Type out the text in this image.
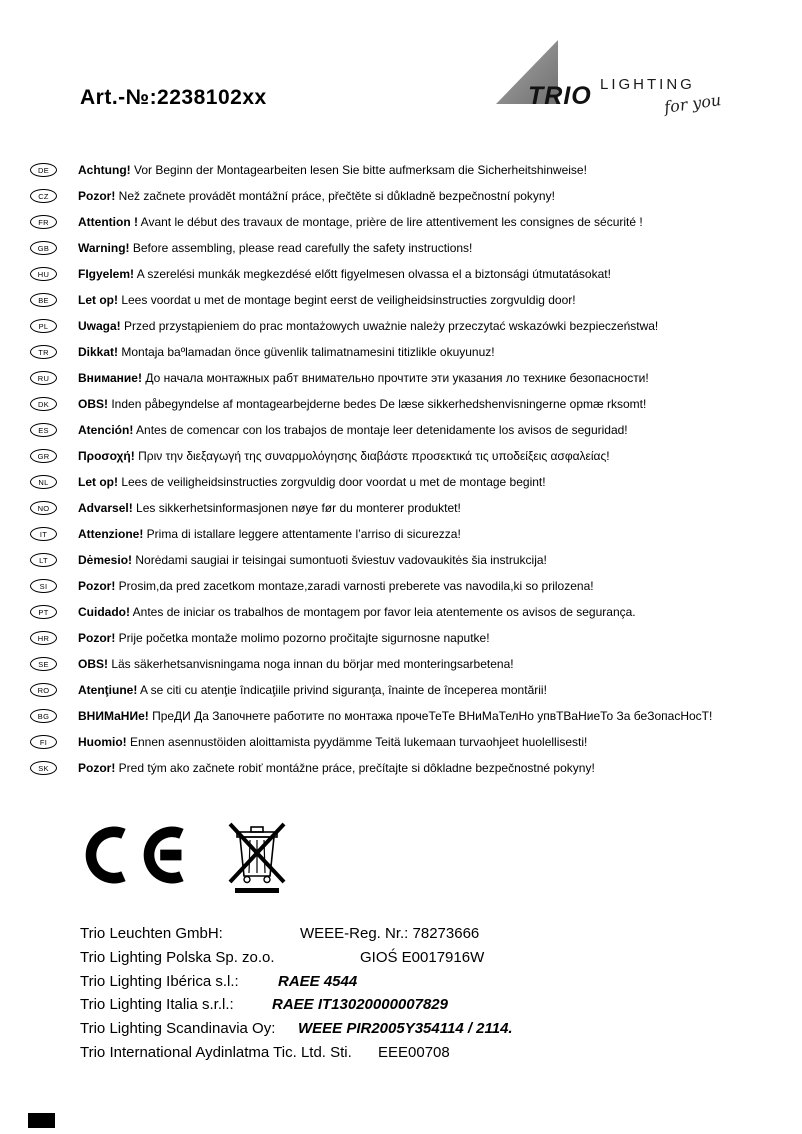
Art.-№:2238102xx	TRIO LIGHTING
for you
DE	Achtung! Vor Beginn der Montagearbeiten lesen Sie bitte aufmerksam die Sicherheitshinweise!

CZ	Pozor! Než začnete provádět montážní práce, přečtěte si důkladně bezpečnostní pokyny!

FR	Attention ! Avant le début des travaux de montage, prière de lire attentivement les consignes de sécurité !

GB	Warning! Before assembling, please read carefully the safety instructions!

HU	FIgyelem! A szerelési munkák megkezdésé előtt figyelmesen olvassa el a biztonsági útmutatásokat!

BE	Let op! Lees voordat u met de montage begint eerst de veiligheidsinstructies zorgvuldig door!

PL	Uwaga! Przed przystąpieniem do prac montażowych uważnie należy przeczytać wskazówki bezpieczeństwa!

TR	Dikkat! Montaja baºlamadan önce güvenlik talimatnamesini titizlikle okuyunuz!

RU	Внимание! До начала монтажных рабт внимательно прочтите эти указания ло технике безопасности!

DK	OBS! Inden påbegyndelse af montagearbejderne bedes De læse sikkerhedshenvisningerne opmæ rksomt!

ES	Atención! Antes de comencar con los trabajos de montaje leer detenidamente los avisos de seguridad!

GR	Προσοχή! Πριν την διεξαγωγή της συναρμολόγησης διαβάστε προσεκτικά τις υποδείξεις ασφαλείας!

NL	Let op! Lees de veiligheidsinstructies zorgvuldig door voordat u met de montage begint!

NO	Advarsel! Les sikkerhetsinformasjonen nøye før du monterer produktet!

IT	Attenzione! Prima di istallare leggere attentamente l’arriso di sicurezza!

LT	Dėmesio! Norėdami saugiai ir teisingai sumontuoti šviestuv vadovaukitės šia instrukcija!

SI	Pozor! Prosim,da pred zacetkom montaze,zaradi varnosti preberete vas navodila,ki so prilozena!

PT	Cuidado! Antes de iniciar os trabalhos de montagem por favor leia atentemente os avisos de segurança.

HR	Pozor! Prije početka montaže molimo pozorno pročitajte sigurnosne naputke!

SE	OBS! Läs säkerhetsanvisningama noga innan du börjar med monteringsarbetena!

RO	Atenţiune! A se citi cu atenţie îndicaţiile privind siguranţa, înainte de începerea montării!

BG	ВНИМаНИе! ПреДИ Да Започнете работите по монтажа прочеТеТе ВНиМаТелНо упвТВаНиеТо За беЗопасНосТ!

FI	Huomio! Ennen asennustöiden aloittamista pyydämme Teitä lukemaan turvaohjeet huolellisesti!

SK	Pozor! Pred tým ako začnete robiť montážne práce, prečítajte si dôkladne bezpečnostné pokyny!

Trio Leuchten GmbH:	WEEE-Reg. Nr.: 78273666
Trio Lighting Polska Sp. zo.o.	GIOŚ E0017916W
Trio Lighting Ibérica s.l.:	RAEE 4544
Trio Lighting Italia s.r.l.:	RAEE IT13020000007829
Trio Lighting Scandinavia Oy:	WEEE PIR2005Y354114 / 2114.
Trio International Aydinlatma Tic. Ltd. Sti.	EEE00708
